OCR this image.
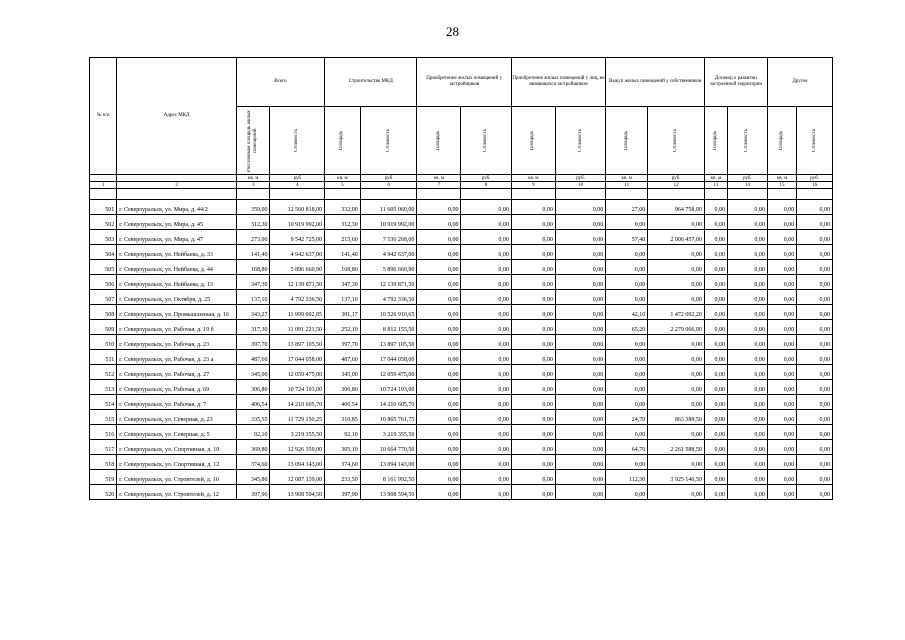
28
№ п/п	Адрес МКД	Всего		Строительство МКД		Приобретение жилых помещений у застройщиков		Приобретение жилых помещений у лиц, не являющихся застройщиком		Выкуп жилых помещений у собственников		Договор о развитии застроенной территории		Другое	

		Расселяемая площадь жилых помещений	Стоимость	Площадь	Стоимость	Площадь	Стоимость	Площадь	Стоимость	Площадь	Стоимость	Площадь	Стоимость	Площадь	Стоимость

		кв. м	руб	кв. м	руб	кв. м	руб.	кв. м	руб.	кв. м	руб.	кв. м	руб.	кв. м	руб.
1	2	3	4	5	6	7	8	9	10	11	12	13	14	15	16

501	г. Североуральск, ул. Мира, д. 44/2	359,00	12 560 818,00	332,00	11 605 060,00	0,00	0,00	0,00	0,00	27,00	964 758,00	0,00	0,00	0,00	0,00
502	г. Североуральск, ул. Мира, д. 45	312,30	10 919 992,00	312,30	10 919 992,00	0,00	0,00	0,00	0,00	0,00	0,00	0,00	0,00	0,00	0,00
503	г. Североуральск, ул. Мира, д. 47	273,00	9 542 725,00	215,60	7 536 268,00	0,00	0,00	0,00	0,00	57,40	2 006 457,00	0,00	0,00	0,00	0,00
504	г. Североуральск, ул. Нейбаева, д. 33	141,40	4 942 637,00	141,40	4 942 637,00	0,00	0,00	0,00	0,00	0,00	0,00	0,00	0,00	0,00	0,00
505	г. Североуральск, ул. Нейбаева, д. 44	168,80	5 896 660,90	168,80	5 896 660,90	0,00	0,00	0,00	0,00	0,00	0,00	0,00	0,00	0,00	0,00
506	г. Североуральск, ул. Нейбаева, д. 13	347,30	12 139 871,50	347,30	12 139 871,50	0,00	0,00	0,00	0,00	0,00	0,00	0,00	0,00	0,00	0,00
507	г. Североуральск, ул. Октября, д. 25	137,10	4 792 336,50	137,10	4 792 336,50	0,00	0,00	0,00	0,00	0,00	0,00	0,00	0,00	0,00	0,00
508	г. Североуральск, ул. Промышленная, д. 16	343,27	11 999 002,85	301,17	10 526 910,65	0,00	0,00	0,00	0,00	42,10	1 472 092,20	0,00	0,00	0,00	0,00
509	г. Североуральск, ул. Рабочая, д. 19 б	317,30	11 091 221,50	252,10	8 812 155,50	0,00	0,00	0,00	0,00	65,20	2 279 066,00	0,00	0,00	0,00	0,00
510	г. Североуральск, ул. Рабочая, д. 23	397,70	13 897 105,50	397,70	13 897 105,50	0,00	0,00	0,00	0,00	0,00	0,00	0,00	0,00	0,00	0,00
511	г. Североуральск, ул. Рабочая, д. 23 а	487,60	17 044 058,00	487,60	17 044 058,00	0,00	0,00	0,00	0,00	0,00	0,00	0,00	0,00	0,00	0,00
512	г. Североуральск, ул. Рабочая, д. 27	345,00	12 059 475,00	345,00	12 059 475,00	0,00	0,00	0,00	0,00	0,00	0,00	0,00	0,00	0,00	0,00
513	г. Североуральск, ул. Рабочая, д. 69	306,80	10 724 193,00	306,80	10 724 193,00	0,00	0,00	0,00	0,00	0,00	0,00	0,00	0,00	0,00	0,00
514	г. Североуральск, ул. Рабочая, д. 7	406,54	14 210 605,70	406,54	14 210 605,70	0,00	0,00	0,00	0,00	0,00	0,00	0,00	0,00	0,00	0,00
515	г. Североуральск, ул. Северная, д. 23	335,55	11 729 150,25	310,85	10 865 761,75	0,00	0,00	0,00	0,00	24,70	863 388,50	0,00	0,00	0,00	0,00
516	г. Североуральск, ул. Северная, д. 5	92,10	3 219 355,50	92,10	3 219 355,50	0,00	0,00	0,00	0,00	0,00	0,00	0,00	0,00	0,00	0,00
517	г. Североуральск, ул. Спортивная, д. 10	369,80	12 926 359,00	305,10	10 664 770,50	0,00	0,00	0,00	0,00	64,70	2 261 588,50	0,00	0,00	0,00	0,00
518	г. Североуральск, ул. Спортивная, д. 12	374,60	13 094 143,00	374,60	13 094 143,00	0,00	0,00	0,00	0,00	0,00	0,00	0,00	0,00	0,00	0,00
519	г. Североуральск, ул. Строителей, д. 10	345,80	12 087 139,00	233,50	8 161 992,50	0,00	0,00	0,00	0,00	112,30	3 925 146,50	0,00	0,00	0,00	0,00
520	г. Североуральск, ул. Строителей, д. 12	397,90	13 908 594,50	397,90	13 908 594,50	0,00	0,00	0,00	0,00	0,00	0,00	0,00	0,00	0,00	0,00
